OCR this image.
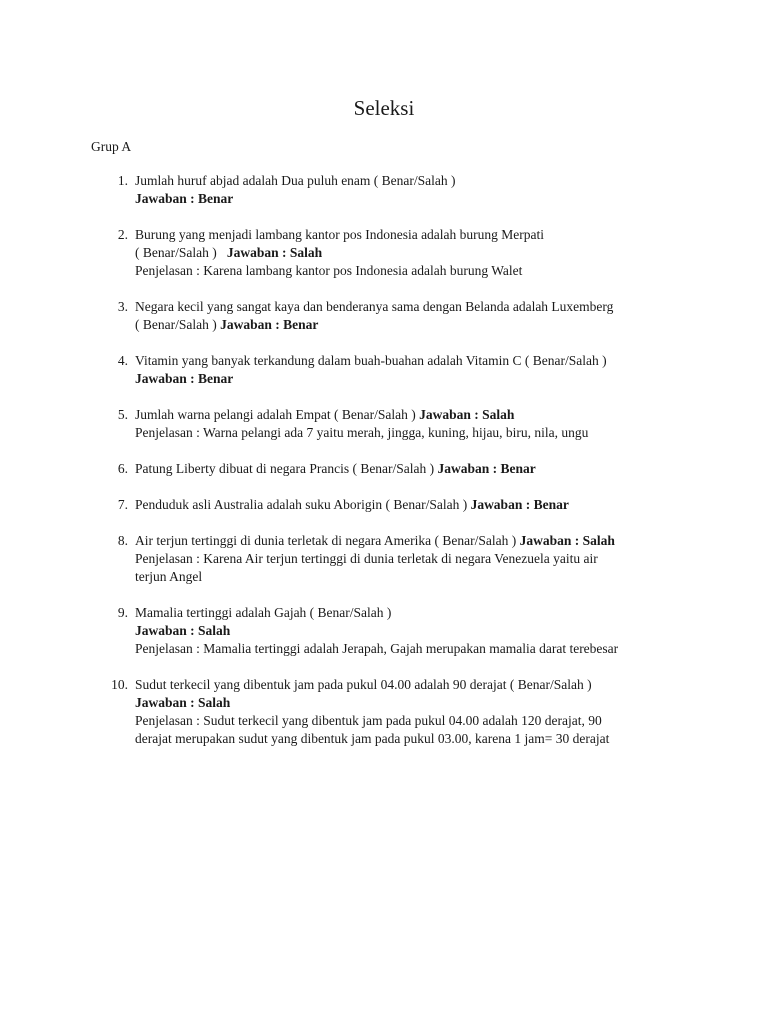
Seleksi
Grup A
1. Jumlah huruf abjad adalah Dua puluh enam ( Benar/Salah )
Jawaban : Benar
2. Burung yang menjadi lambang kantor pos Indonesia adalah burung Merpati
( Benar/Salah ) Jawaban : Salah
Penjelasan : Karena lambang kantor pos Indonesia adalah burung Walet
3. Negara kecil yang sangat kaya dan benderanya sama dengan Belanda adalah Luxemberg
( Benar/Salah ) Jawaban : Benar
4. Vitamin yang banyak terkandung dalam buah-buahan adalah Vitamin C ( Benar/Salah )
Jawaban : Benar
5. Jumlah warna pelangi adalah Empat ( Benar/Salah ) Jawaban : Salah
Penjelasan : Warna pelangi ada 7 yaitu merah, jingga, kuning, hijau, biru, nila, ungu
6. Patung Liberty dibuat di negara Prancis ( Benar/Salah ) Jawaban : Benar
7. Penduduk asli Australia adalah suku Aborigin ( Benar/Salah ) Jawaban : Benar
8. Air terjun tertinggi di dunia terletak di negara Amerika ( Benar/Salah ) Jawaban : Salah
Penjelasan : Karena Air terjun tertinggi di dunia terletak di negara Venezuela yaitu air
terjun Angel
9. Mamalia tertinggi adalah Gajah ( Benar/Salah )
Jawaban : Salah
Penjelasan : Mamalia tertinggi adalah Jerapah, Gajah merupakan mamalia darat terebesar
10. Sudut terkecil yang dibentuk jam pada pukul 04.00 adalah 90 derajat ( Benar/Salah )
Jawaban : Salah
Penjelasan : Sudut terkecil yang dibentuk jam pada pukul 04.00 adalah 120 derajat, 90
derajat merupakan sudut yang dibentuk jam pada pukul 03.00, karena 1 jam= 30 derajat
